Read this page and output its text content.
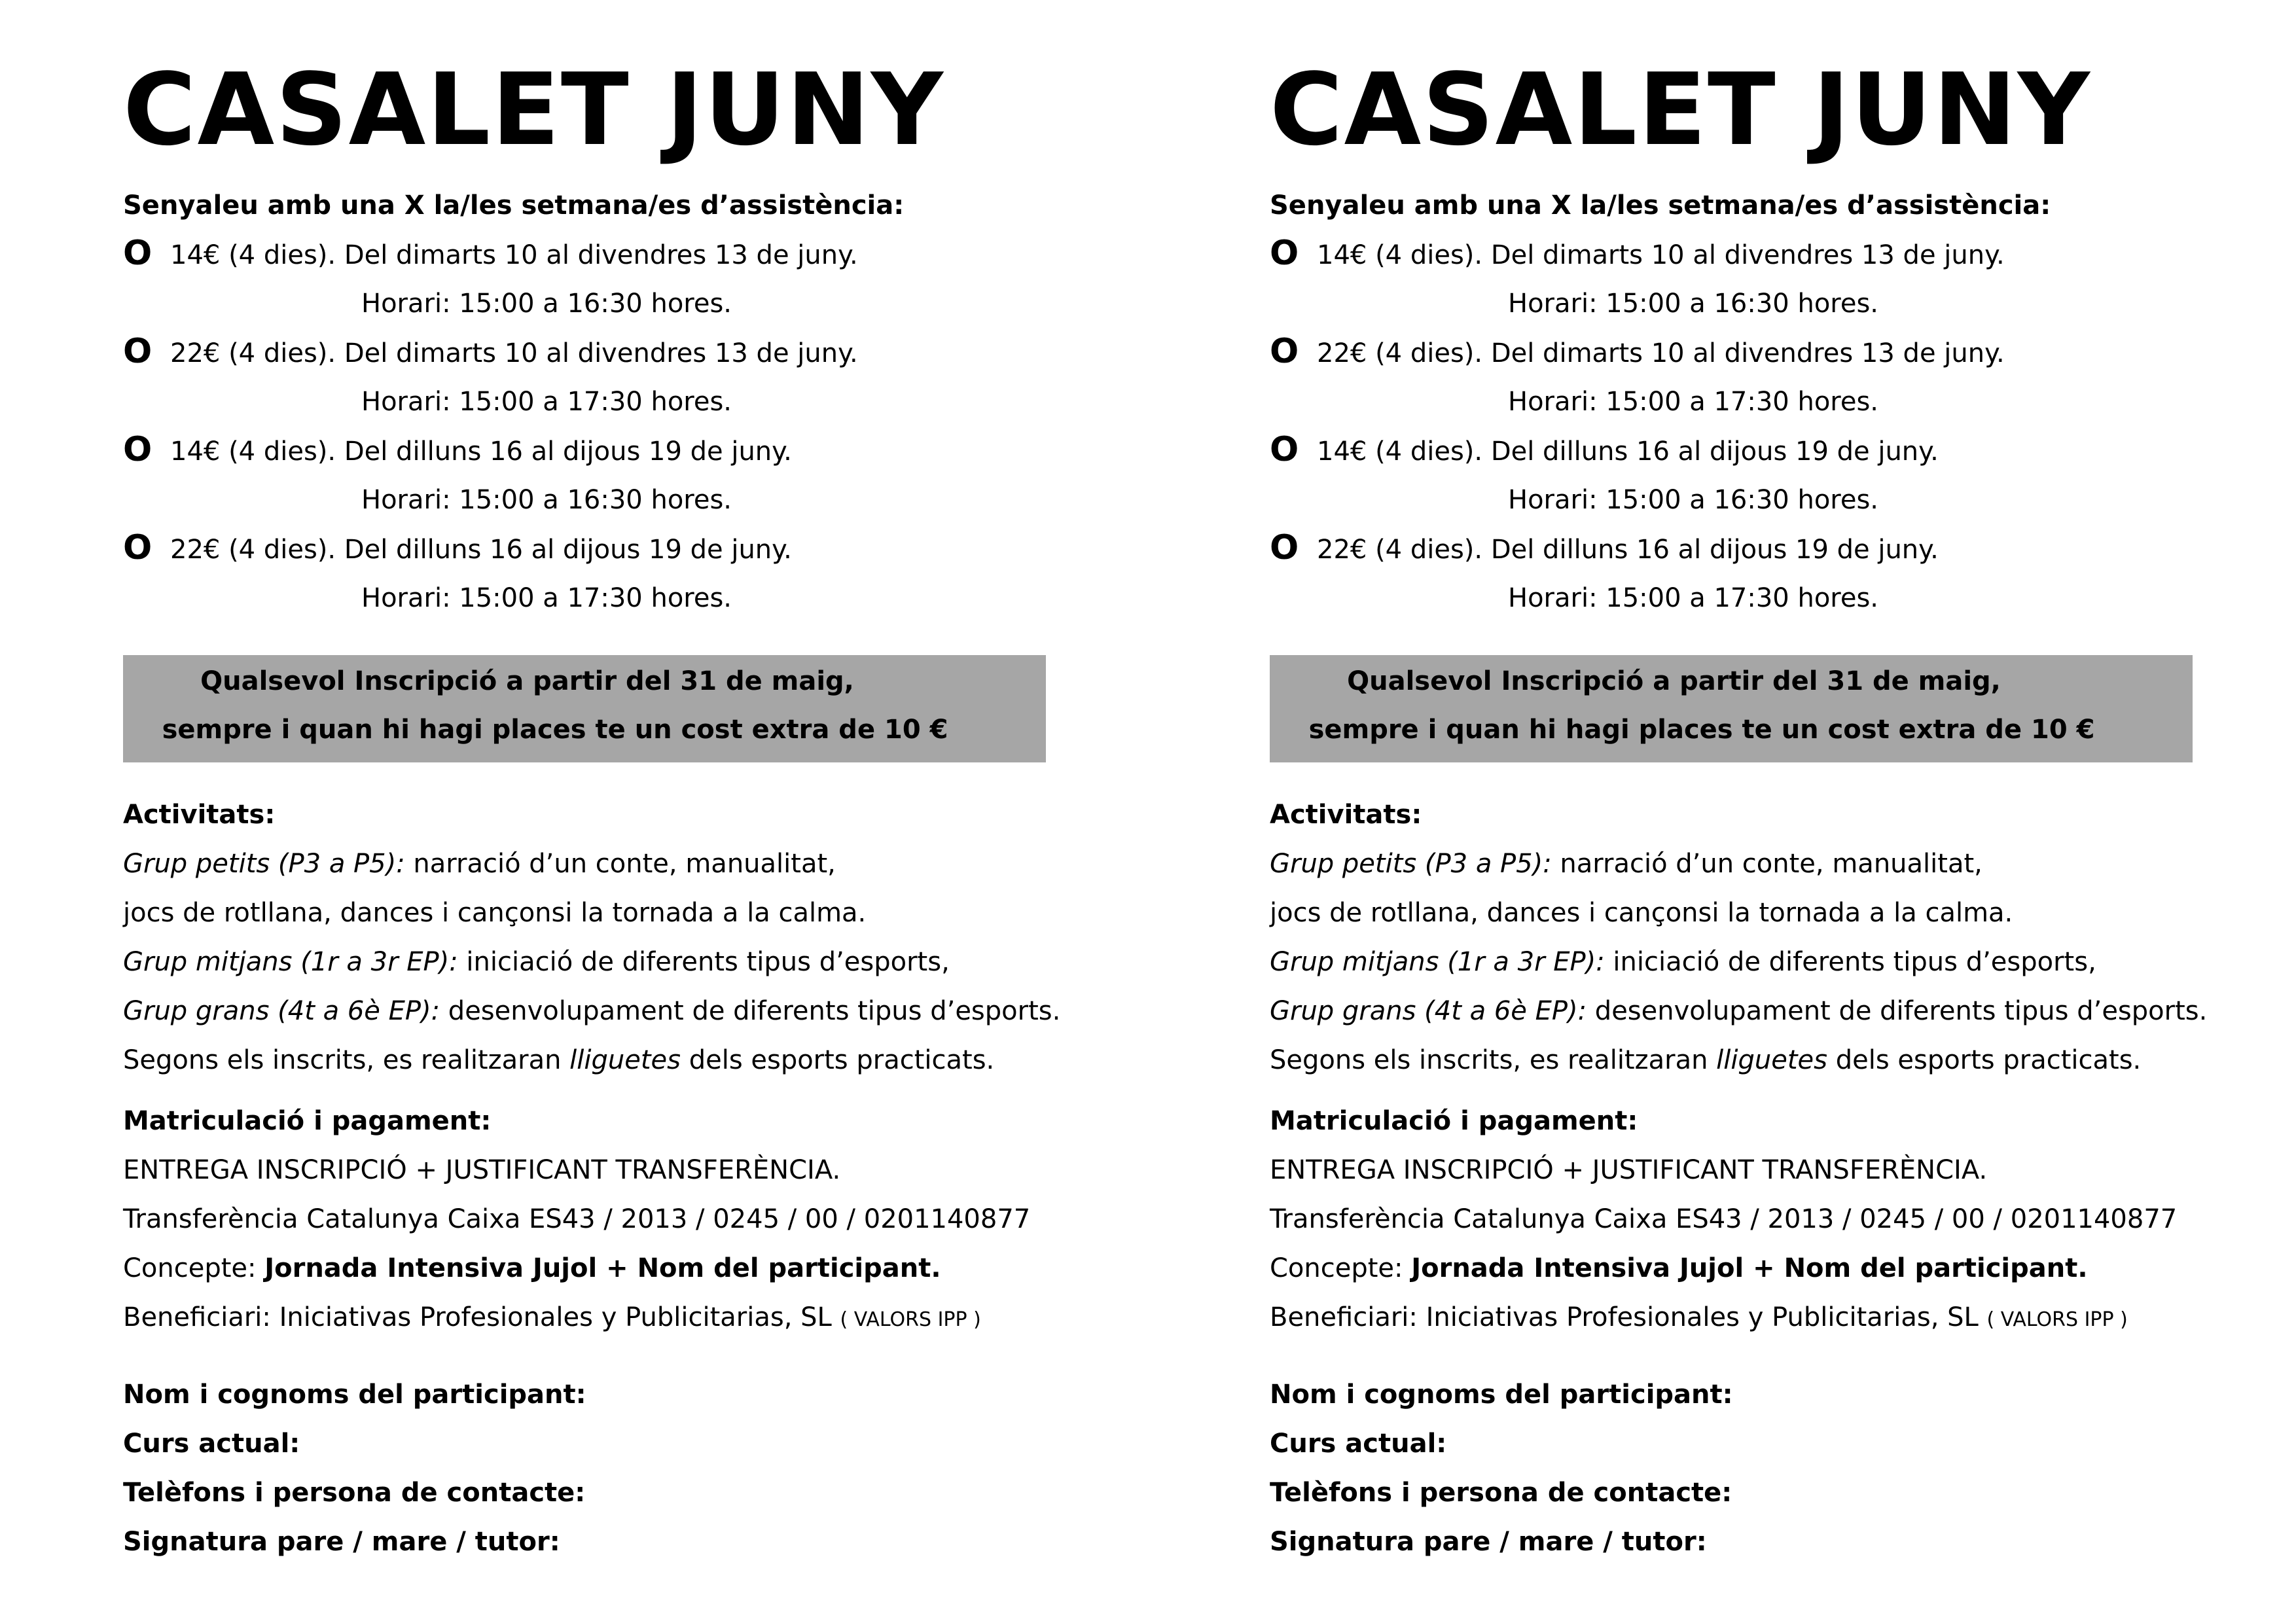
CASALET JUNY
Senyaleu amb una X la/les setmana/es d’assistència:
O 14€ (4 dies). Del dimarts 10 al divendres 13 de juny.
Horari: 15:00 a 16:30 hores.
O 22€ (4 dies). Del dimarts 10 al divendres 13 de juny.
Horari: 15:00 a 17:30 hores.
O 14€ (4 dies). Del dilluns 16 al dijous 19 de juny.
Horari: 15:00 a 16:30 hores.
O 22€ (4 dies). Del dilluns 16 al dijous 19 de juny.
Horari: 15:00 a 17:30 hores.
Qualsevol Inscripció a partir del 31 de maig,
sempre i quan hi hagi places te un cost extra de 10 €
Activitats:
Grup petits (P3 a P5): narració d’un conte, manualitat,
jocs de rotllana, dances i cançonsi la tornada a la calma.
Grup mitjans (1r a 3r EP): iniciació de diferents tipus d’esports,
Grup grans (4t a 6è EP): desenvolupament de diferents tipus d’esports.
Segons els inscrits, es realitzaran lliguetes dels esports practicats.
Matriculació i pagament:
ENTREGA INSCRIPCIÓ + JUSTIFICANT TRANSFERÈNCIA.
Transferència Catalunya Caixa ES43 / 2013 / 0245 / 00 / 0201140877
Concepte: Jornada Intensiva Jujol + Nom del participant.
Beneficiari: Iniciativas Profesionales y Publicitarias, SL ( VALORS IPP )
Nom i cognoms del participant:
Curs actual:
Telèfons i persona de contacte:
Signatura pare / mare / tutor:
CASALET JUNY
Senyaleu amb una X la/les setmana/es d’assistència:
O 14€ (4 dies). Del dimarts 10 al divendres 13 de juny.
Horari: 15:00 a 16:30 hores.
O 22€ (4 dies). Del dimarts 10 al divendres 13 de juny.
Horari: 15:00 a 17:30 hores.
O 14€ (4 dies). Del dilluns 16 al dijous 19 de juny.
Horari: 15:00 a 16:30 hores.
O 22€ (4 dies). Del dilluns 16 al dijous 19 de juny.
Horari: 15:00 a 17:30 hores.
Qualsevol Inscripció a partir del 31 de maig,
sempre i quan hi hagi places te un cost extra de 10 €
Activitats:
Grup petits (P3 a P5): narració d’un conte, manualitat,
jocs de rotllana, dances i cançonsi la tornada a la calma.
Grup mitjans (1r a 3r EP): iniciació de diferents tipus d’esports,
Grup grans (4t a 6è EP): desenvolupament de diferents tipus d’esports.
Segons els inscrits, es realitzaran lliguetes dels esports practicats.
Matriculació i pagament:
ENTREGA INSCRIPCIÓ + JUSTIFICANT TRANSFERÈNCIA.
Transferència Catalunya Caixa ES43 / 2013 / 0245 / 00 / 0201140877
Concepte: Jornada Intensiva Jujol + Nom del participant.
Beneficiari: Iniciativas Profesionales y Publicitarias, SL ( VALORS IPP )
Nom i cognoms del participant:
Curs actual:
Telèfons i persona de contacte:
Signatura pare / mare / tutor:
